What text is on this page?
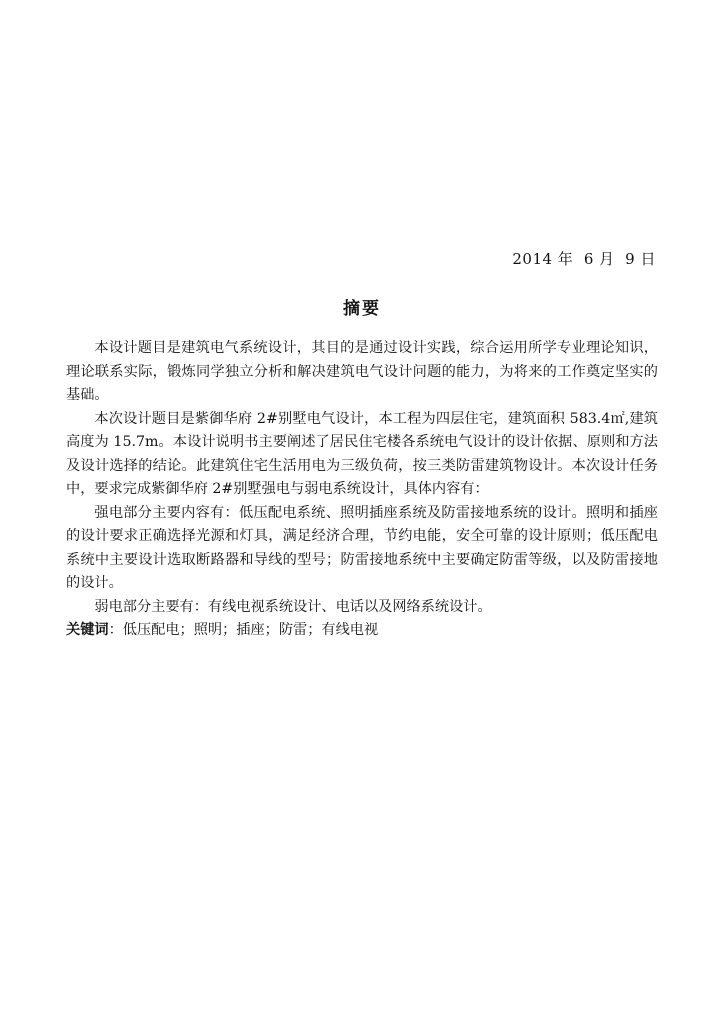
2014 年  6 月  9 日
摘要

本设计题目是建筑电气系统设计，其目的是通过设计实践，综合运用所学专业理论知识，理论联系实际，锻炼同学独立分析和解决建筑电气设计问题的能力，为将来的工作奠定坚实的基础。

本次设计题目是紫御华府 2#别墅电气设计，本工程为四层住宅，建筑面积 583.4㎡,建筑高度为 15.7m。本设计说明书主要阐述了居民住宅楼各系统电气设计的设计依据、原则和方法及设计选择的结论。此建筑住宅生活用电为三级负荷，按三类防雷建筑物设计。本次设计任务中，要求完成紫御华府 2#别墅强电与弱电系统设计，具体内容有：

强电部分主要内容有：低压配电系统、照明插座系统及防雷接地系统的设计。照明和插座的设计要求正确选择光源和灯具，满足经济合理，节约电能，安全可靠的设计原则；低压配电系统中主要设计选取断路器和导线的型号；防雷接地系统中主要确定防雷等级，以及防雷接地的设计。

弱电部分主要有：有线电视系统设计、电话以及网络系统设计。

关键词：低压配电；照明；插座；防雷；有线电视
